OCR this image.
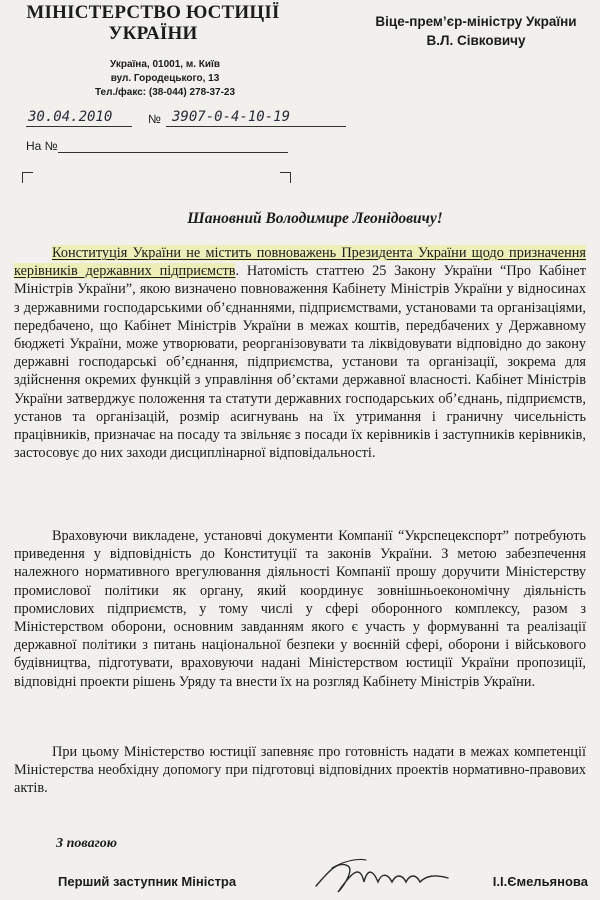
МІНІСТЕРСТВО ЮСТИЦІЇ
УКРАЇНИ
Україна, 01001, м. Київ
вул. Городецького, 13
Тел./факс: (38-044) 278-37-23
Віце-прем’єр-міністру України
В.Л. Сівковичу
30.04.2010	№ 3907-0-4-10-19
На №
Шановний Володимире Леонідовичу!
Конституція України не містить повноважень Президента України щодо призначення керівників державних підприємств. Натомість статтею 25 Закону України “Про Кабінет Міністрів України”, якою визначено повноваження Кабінету Міністрів України у відносинах з державними господарськими об’єднаннями, підприємствами, установами та організаціями, передбачено, що Кабінет Міністрів України в межах коштів, передбачених у Державному бюджеті України, може утворювати, реорганізовувати та ліквідовувати відповідно до закону державні господарські об’єднання, підприємства, установи та організації, зокрема для здійснення окремих функцій з управління об’єктами державної власності. Кабінет Міністрів України затверджує положення та статути державних господарських об’єднань, підприємств, установ та організацій, розмір асигнувань на їх утримання і граничну чисельність працівників, призначає на посаду та звільняє з посади їх керівників і заступників керівників, застосовує до них заходи дисциплінарної відповідальності.
Враховуючи викладене, установчі документи Компанії “Укрспецекспорт” потребують приведення у відповідність до Конституції та законів України. З метою забезпечення належного нормативного врегулювання діяльності Компанії прошу доручити Міністерству промислової політики як органу, який координує зовнішньоекономічну діяльність промислових підприємств, у тому числі у сфері оборонного комплексу, разом з Міністерством оборони, основним завданням якого є участь у формуванні та реалізації державної політики з питань національної безпеки у воєнній сфері, оборони і військового будівництва, підготувати, враховуючи надані Міністерством юстиції України пропозиції, відповідні проекти рішень Уряду та внести їх на розгляд Кабінету Міністрів України.
При цьому Міністерство юстиції запевняє про готовність надати в межах компетенції Міністерства необхідну допомогу при підготовці відповідних проектів нормативно-правових актів.
З повагою
Перший заступник Міністра	І.І.Ємельянова
